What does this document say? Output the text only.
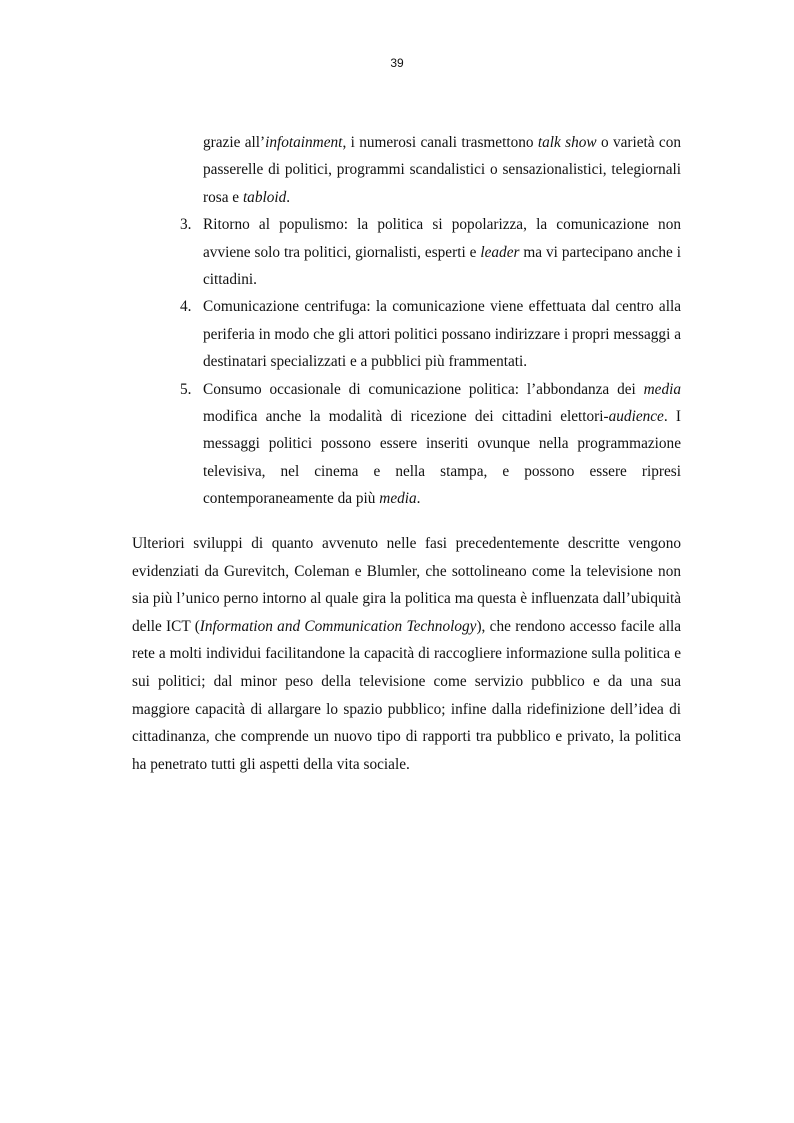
39
grazie all’infotainment, i numerosi canali trasmettono talk show o varietà con passerelle di politici, programmi scandalistici o sensazionalistici, telegiornali rosa e tabloid.
3. Ritorno al populismo: la politica si popolarizza, la comunicazione non avviene solo tra politici, giornalisti, esperti e leader ma vi partecipano anche i cittadini.
4. Comunicazione centrifuga: la comunicazione viene effettuata dal centro alla periferia in modo che gli attori politici possano indirizzare i propri messaggi a destinatari specializzati e a pubblici più frammentati.
5. Consumo occasionale di comunicazione politica: l’abbondanza dei media modifica anche la modalità di ricezione dei cittadini elettori-audience. I messaggi politici possono essere inseriti ovunque nella programmazione televisiva, nel cinema e nella stampa, e possono essere ripresi contemporaneamente da più media.

Ulteriori sviluppi di quanto avvenuto nelle fasi precedentemente descritte vengono evidenziati da Gurevitch, Coleman e Blumler, che sottolineano come la televisione non sia più l’unico perno intorno al quale gira la politica ma questa è influenzata dall’ubiquità delle ICT (Information and Communication Technology), che rendono accesso facile alla rete a molti individui facilitandone la capacità di raccogliere informazione sulla politica e sui politici; dal minor peso della televisione come servizio pubblico e da una sua maggiore capacità di allargare lo spazio pubblico; infine dalla ridefinizione dell’idea di cittadinanza, che comprende un nuovo tipo di rapporti tra pubblico e privato, la politica ha penetrato tutti gli aspetti della vita sociale.
